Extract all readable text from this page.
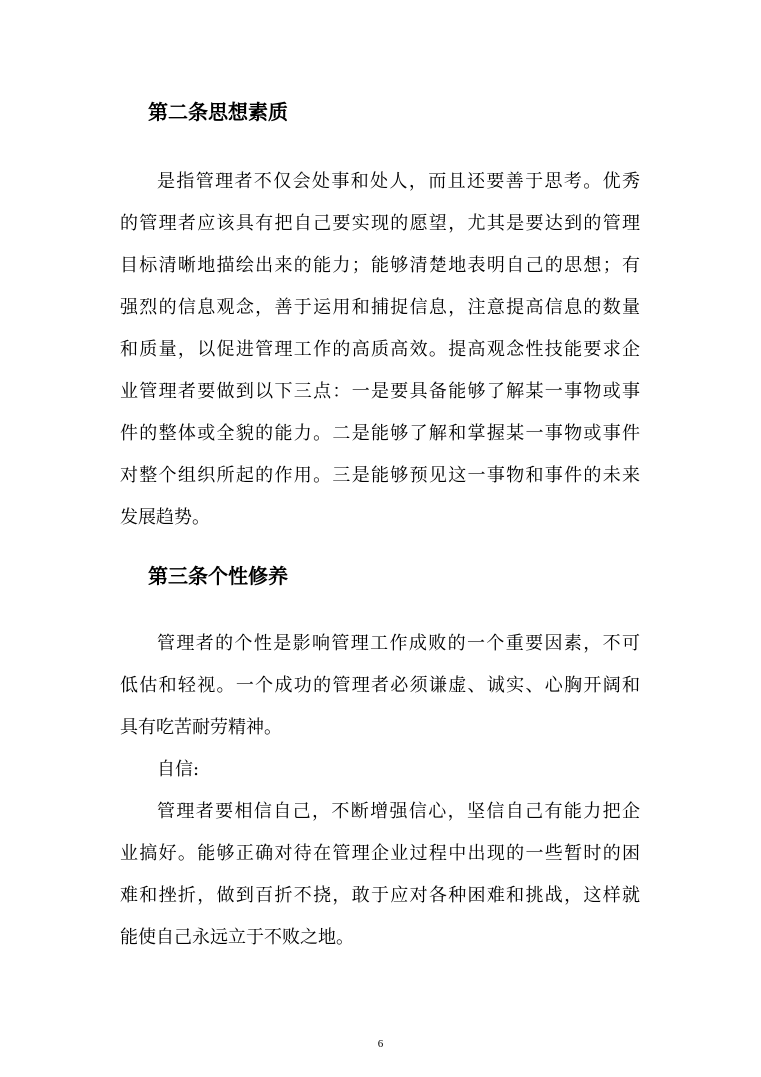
第二条思想素质

是指管理者不仅会处事和处人，而且还要善于思考。优秀

的管理者应该具有把自己要实现的愿望，尤其是要达到的管理

目标清晰地描绘出来的能力；能够清楚地表明自己的思想；有

强烈的信息观念，善于运用和捕捉信息，注意提高信息的数量

和质量，以促进管理工作的高质高效。提高观念性技能要求企

业管理者要做到以下三点：一是要具备能够了解某一事物或事

件的整体或全貌的能力。二是能够了解和掌握某一事物或事件

对整个组织所起的作用。三是能够预见这一事物和事件的未来

发展趋势。

第三条个性修养

管理者的个性是影响管理工作成败的一个重要因素，不可

低估和轻视。一个成功的管理者必须谦虚、诚实、心胸开阔和

具有吃苦耐劳精神。

自信:

管理者要相信自己，不断增强信心，坚信自己有能力把企

业搞好。能够正确对待在管理企业过程中出现的一些暂时的困

难和挫折，做到百折不挠，敢于应对各种困难和挑战，这样就

能使自己永远立于不败之地。

6
